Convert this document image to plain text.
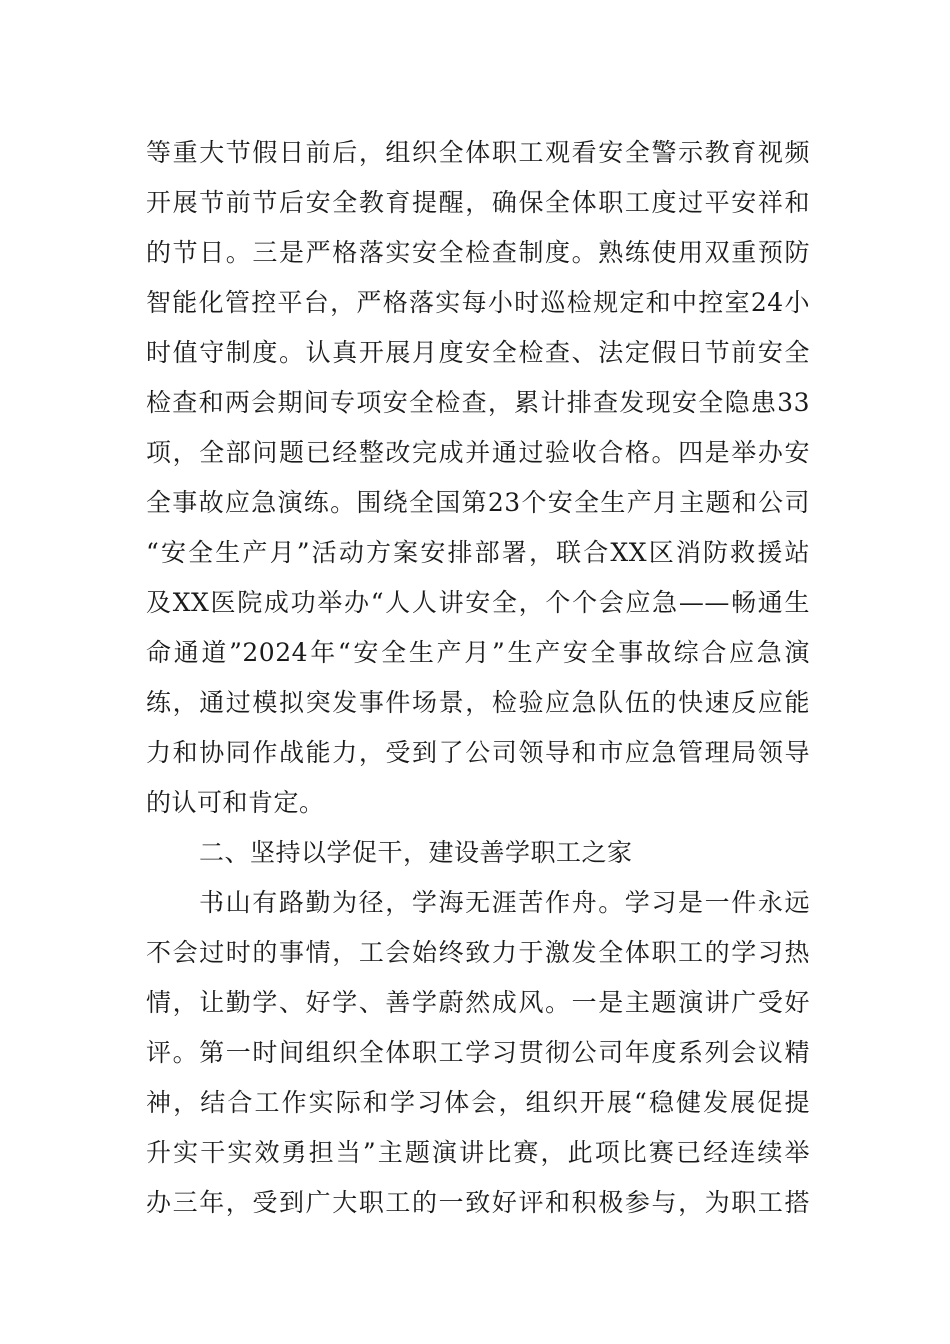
等重大节假日前后，组织全体职工观看安全警示教育视频
开展节前节后安全教育提醒，确保全体职工度过平安祥和
的节日。三是严格落实安全检查制度。熟练使用双重预防
智能化管控平台，严格落实每小时巡检规定和中控室24小
时值守制度。认真开展月度安全检查、法定假日节前安全
检查和两会期间专项安全检查，累计排查发现安全隐患33
项，全部问题已经整改完成并通过验收合格。四是举办安
全事故应急演练。围绕全国第23个安全生产月主题和公司
“安全生产月”活动方案安排部署，联合XX区消防救援站
及XX医院成功举办“人人讲安全，个个会应急——畅通生
命通道”2024年“安全生产月”生产安全事故综合应急演
练，通过模拟突发事件场景，检验应急队伍的快速反应能
力和协同作战能力，受到了公司领导和市应急管理局领导
的认可和肯定。
二、坚持以学促干，建设善学职工之家
书山有路勤为径，学海无涯苦作舟。学习是一件永远
不会过时的事情，工会始终致力于激发全体职工的学习热
情，让勤学、好学、善学蔚然成风。一是主题演讲广受好
评。第一时间组织全体职工学习贯彻公司年度系列会议精
神，结合工作实际和学习体会，组织开展“稳健发展促提
升实干实效勇担当”主题演讲比赛，此项比赛已经连续举
办三年，受到广大职工的一致好评和积极参与，为职工搭
